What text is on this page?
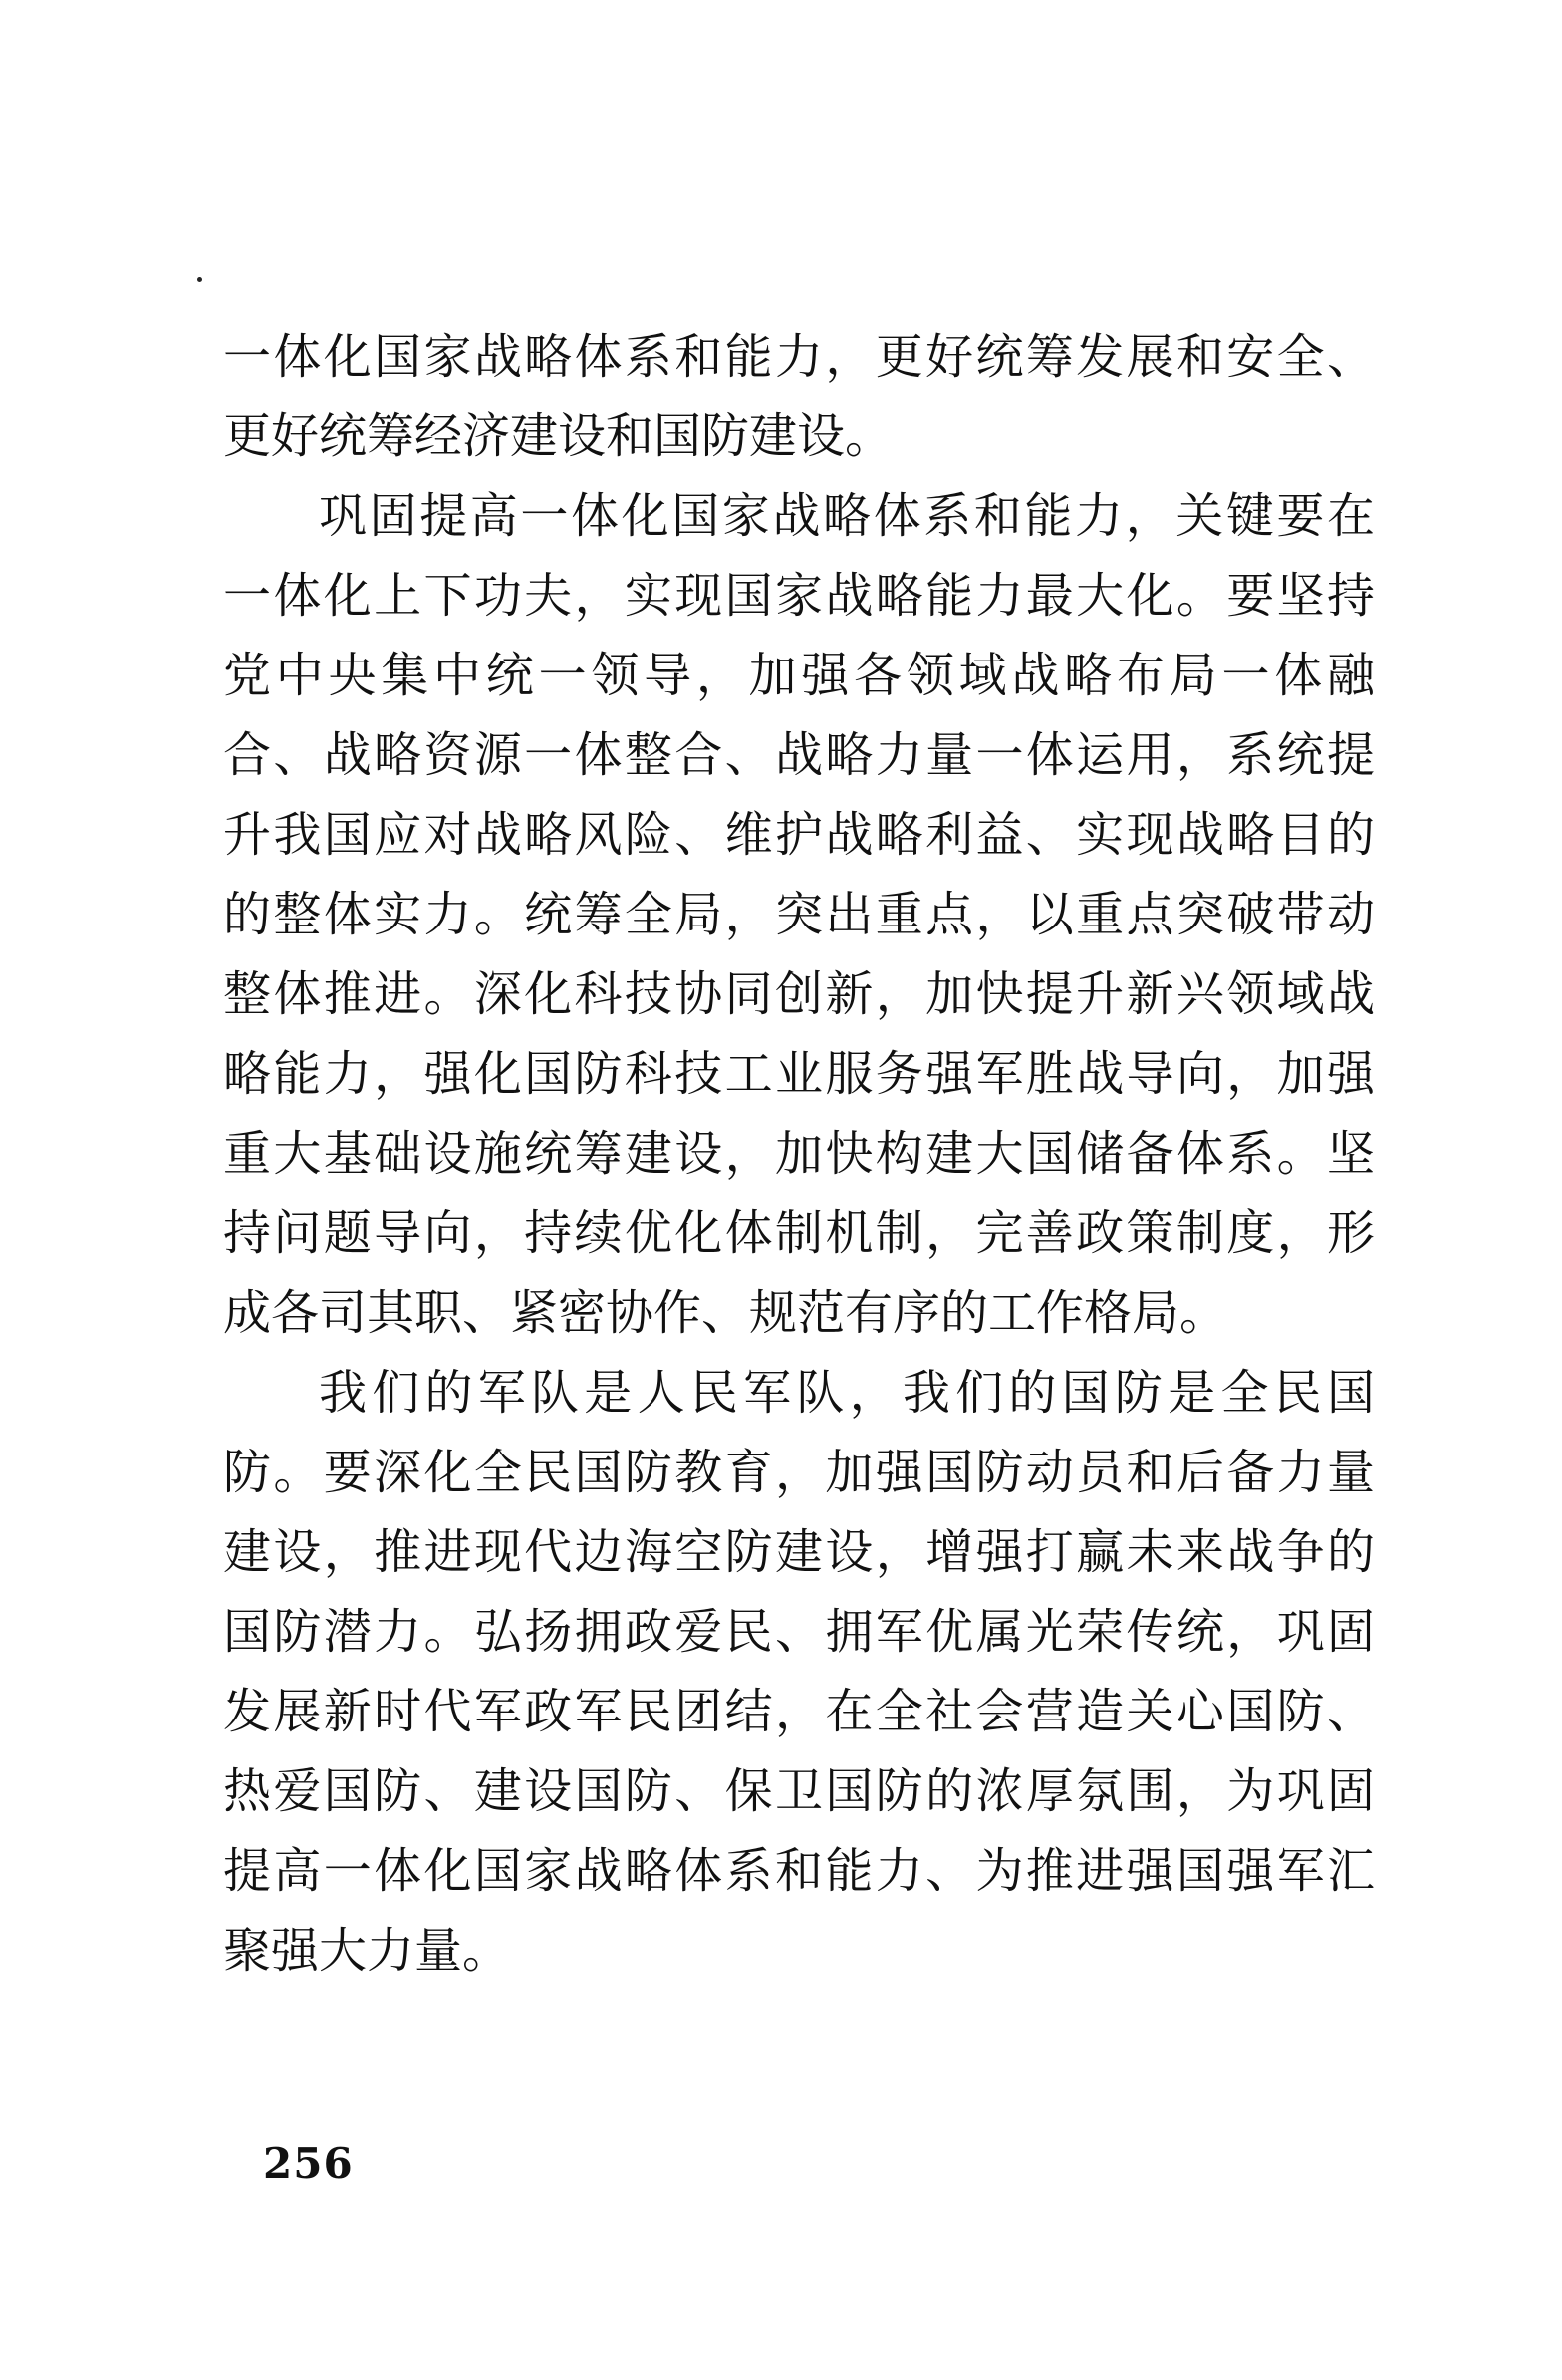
一体化国家战略体系和能力，更好统筹发展和安全、
更好统筹经济建设和国防建设。
巩固提高一体化国家战略体系和能力，关键要在
一体化上下功夫，实现国家战略能力最大化。要坚持
党中央集中统一领导，加强各领域战略布局一体融
合、战略资源一体整合、战略力量一体运用，系统提
升我国应对战略风险、维护战略利益、实现战略目的
的整体实力。统筹全局，突出重点，以重点突破带动
整体推进。深化科技协同创新，加快提升新兴领域战
略能力，强化国防科技工业服务强军胜战导向，加强
重大基础设施统筹建设，加快构建大国储备体系。坚
持问题导向，持续优化体制机制，完善政策制度，形
成各司其职、紧密协作、规范有序的工作格局。
我们的军队是人民军队，我们的国防是全民国
防。要深化全民国防教育，加强国防动员和后备力量
建设，推进现代边海空防建设，增强打赢未来战争的
国防潜力。弘扬拥政爱民、拥军优属光荣传统，巩固
发展新时代军政军民团结，在全社会营造关心国防、
热爱国防、建设国防、保卫国防的浓厚氛围，为巩固
提高一体化国家战略体系和能力、为推进强国强军汇
聚强大力量。
256
